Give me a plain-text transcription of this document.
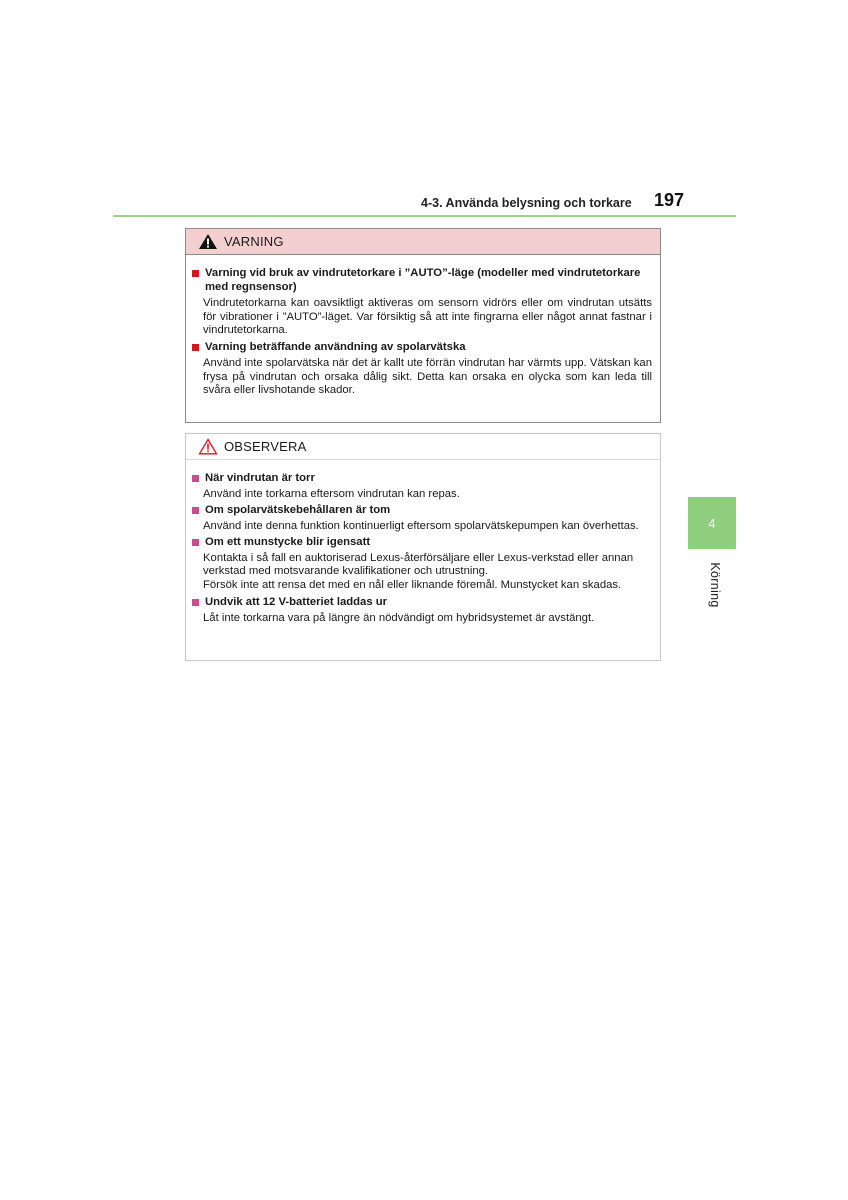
4-3. Använda belysning och torkare 197
VARNING
Varning vid bruk av vindrutetorkare i ”AUTO”-läge (modeller med vindrutetorkare med regnsensor)
Vindrutetorkarna kan oavsiktligt aktiveras om sensorn vidrörs eller om vindrutan utsätts för vibrationer i ”AUTO”-läget. Var försiktig så att inte fingrarna eller något annat fastnar i vindrutetorkarna.
Varning beträffande användning av spolarvätska
Använd inte spolarvätska när det är kallt ute förrän vindrutan har värmts upp. Vätskan kan frysa på vindrutan och orsaka dålig sikt. Detta kan orsaka en olycka som kan leda till svåra eller livshotande skador.
OBSERVERA
När vindrutan är torr
Använd inte torkarna eftersom vindrutan kan repas.
Om spolarvätskebehållaren är tom
Använd inte denna funktion kontinuerligt eftersom spolarvätskepumpen kan överhettas.
Om ett munstycke blir igensatt
Kontakta i så fall en auktoriserad Lexus-återförsäljare eller Lexus-verkstad eller annan verkstad med motsvarande kvalifikationer och utrustning.
Försök inte att rensa det med en nål eller liknande föremål. Munstycket kan skadas.
Undvik att 12 V-batteriet laddas ur
Låt inte torkarna vara på längre än nödvändigt om hybridsystemet är avstängt.
4
Körning
